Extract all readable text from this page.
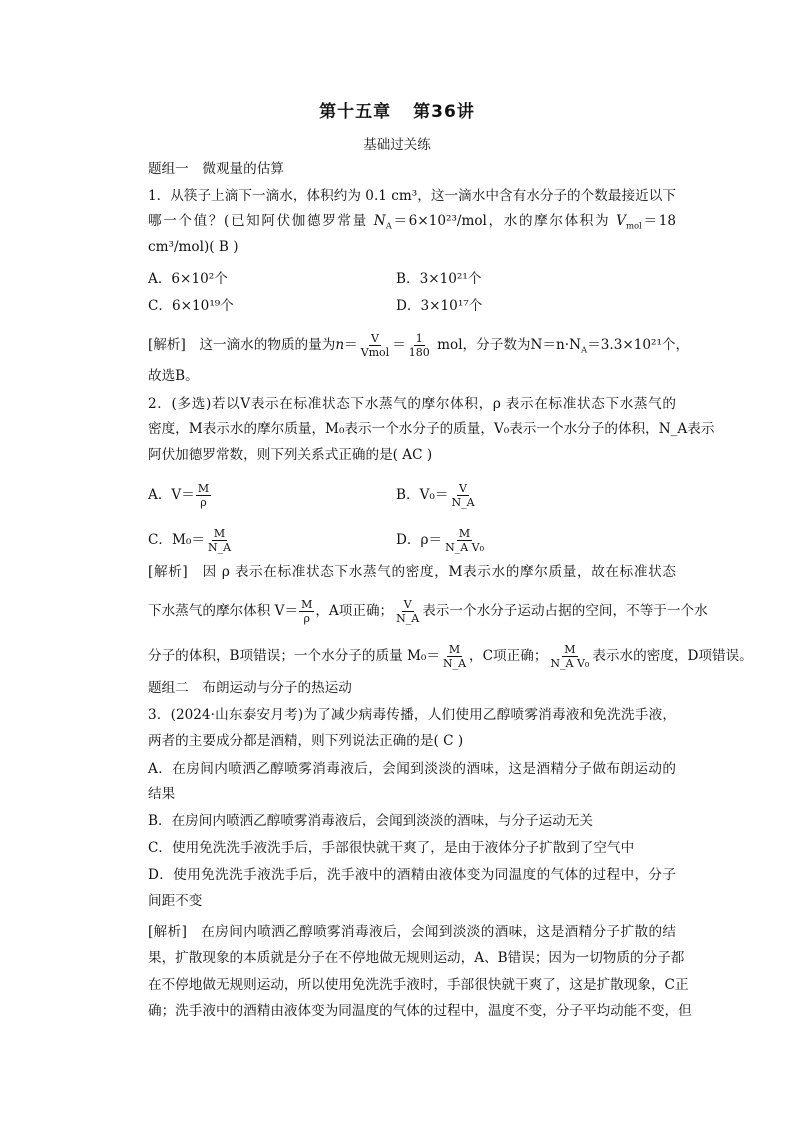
第十五章 第36讲
基础过关练
题组一　微观量的估算
1．从筷子上滴下一滴水，体积约为 0.1 cm³，这一滴水中含有水分子的个数最接近以下
哪一个值？(已知阿伏伽德罗常量 $N_A=6\times 10^{23}$/mol，水的摩尔体积为 $V_{mol}=18$
cm³/mol)( B )
A．6×10²个	B．3×10²¹个
C．6×10¹⁹个	D．3×10¹⁷个
[解析]　 这一滴水的物质的量为$n= \frac{V}{\text{Vmol}} = \frac{1}{180}$ mol，分子数为$N=n\cdot N_A=3.3\times 10^{21}$个，
故选B。
2．(多选)若以V表示在标准状态下水蒸气的摩尔体积，ρ 表示在标准状态下水蒸气的
密度，M表示水的摩尔质量，M₀表示一个水分子的质量，V₀表示一个水分子的体积，N_A表示
阿伏加德罗常数，则下列关系式正确的是( AC )
A．$V= \frac{M}{\rho}$	B．$V_0= \frac{V}{N\_A}$
C．$M_0= \frac{M}{N\_A}$	D．$\rho= \frac{M}{\text{N\_A V₀}}$
[解析]　 因 ρ 表示在标准状态下水蒸气的密度，M表示水的摩尔质量，故在标准状态
下水蒸气的摩尔体积 $V= \frac{M}{\rho}$ ，A项正确； $\frac{V}{N\_A}$ 表示一个水分子运动占据的空间，不等于一个水
分子的体积，B项错误；一个水分子的质量 $M_0= \frac{M}{N\_A}$ ，C项正确； $\frac{M}{\text{N\_A V₀}}$ 表示水的密度，D项错误。
题组二　布朗运动与分子的热运动
3．(2024·山东泰安月考)为了减少病毒传播，人们使用乙醇喷雾消毒液和免洗洗手液，
两者的主要成分都是酒精，则下列说法正确的是( C )
A．在房间内喷洒乙醇喷雾消毒液后，会闻到淡淡的酒味，这是酒精分子做布朗运动的
结果
B．在房间内喷洒乙醇喷雾消毒液后，会闻到淡淡的酒味，与分子运动无关
C．使用免洗洗手液洗手后，手部很快就干爽了，是由于液体分子扩散到了空气中
D．使用免洗洗手液洗手后，洗手液中的酒精由液体变为同温度的气体的过程中，分子
间距不变
[解析]　 在房间内喷洒乙醇喷雾消毒液后，会闻到淡淡的酒味，这是酒精分子扩散的结
果，扩散现象的本质就是分子在不停地做无规则运动，A、B错误；因为一切物质的分子都
在不停地做无规则运动，所以使用免洗洗手液时，手部很快就干爽了，这是扩散现象，C正
确；洗手液中的酒精由液体变为同温度的气体的过程中，温度不变，分子平均动能不变，但
